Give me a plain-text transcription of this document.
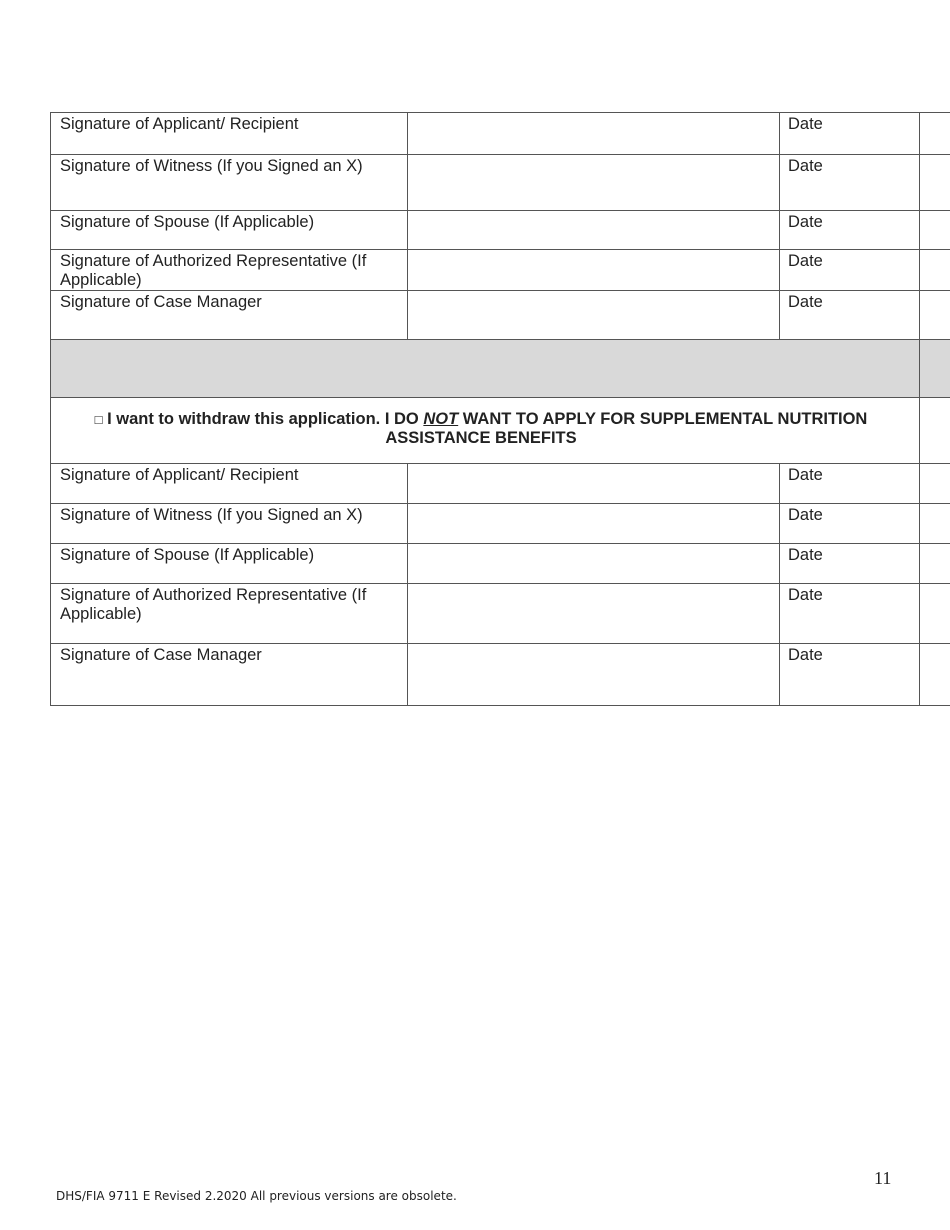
Signature of Applicant/ Recipient		Date	
Signature of Witness (If you Signed an X)		Date	
Signature of Spouse (If Applicable)		Date	
Signature of Authorized Representative (If Applicable)		Date	
Signature of Case Manager		Date	

□ I want to withdraw this application. I DO NOT WANT TO APPLY FOR SUPPLEMENTAL NUTRITION ASSISTANCE BENEFITS			
Signature of Applicant/ Recipient		Date	
Signature of Witness (If you Signed an X)		Date	
Signature of Spouse (If Applicable)		Date	
Signature of Authorized Representative (If Applicable)		Date	
Signature of Case Manager		Date	
11
DHS/FIA 9711 E Revised 2.2020 All previous versions are obsolete.
